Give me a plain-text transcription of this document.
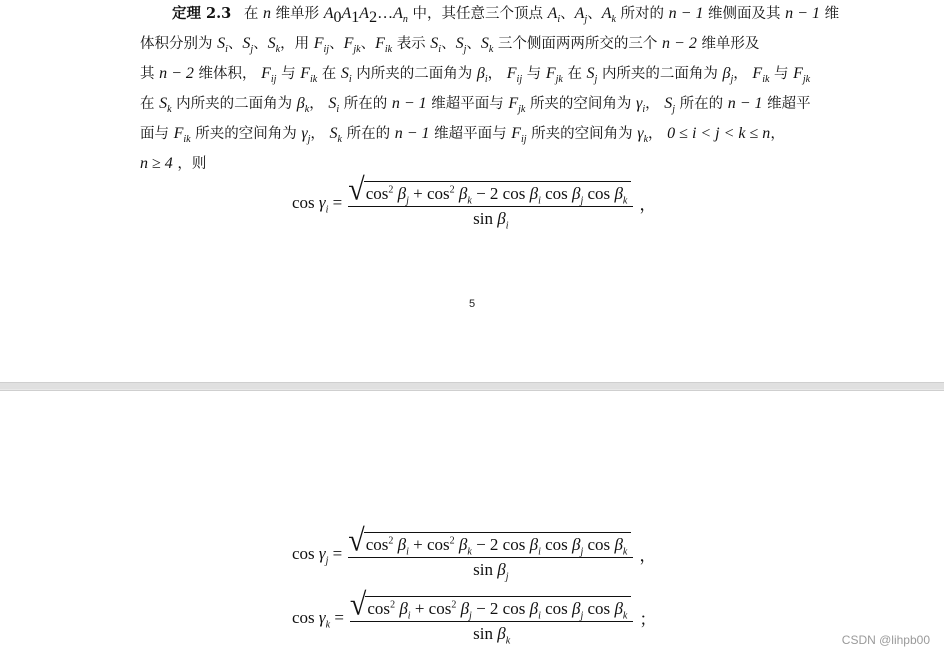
定理 2.3 在 n 维单形 $A_0A_1A_2\dots A_n$ 中，其任意三个顶点 $A_i$、$A_j$、$A_k$ 所对的 n − 1 维侧面及其 n − 1 维
体积分别为 $S_i$、$S_j$、$S_k$，用 $F_{ij}$、$F_{jk}$、$F_{ik}$ 表示 $S_i$、$S_j$、$S_k$ 三个侧面两两所交的三个 n − 2 维单形及
其 n − 2 维体积， $F_{ij}$ 与 $F_{ik}$ 在 $S_i$ 内所夹的二面角为 $\beta_i$， $F_{ij}$ 与 $F_{jk}$ 在 $S_j$ 内所夹的二面角为 $\beta_j$， $F_{ik}$ 与 $F_{jk}$
在 $S_k$ 内所夹的二面角为 $\beta_k$， $S_i$ 所在的 n − 1 维超平面与 $F_{jk}$ 所夹的空间角为 $\gamma_i$， $S_j$ 所在的 n − 1 维超平
面与 $F_{ik}$ 所夹的空间角为 $\gamma_j$， $S_k$ 所在的 n − 1 维超平面与 $F_{ij}$ 所夹的空间角为 $\gamma_k$， 0 ≤ i < j < k ≤ n，
n ≥ 4 ，则
$\cos \gamma_i = \frac{√ \cos^2 \beta_j + \cos^2 \beta_k - 2 \cos \beta_i \cos \beta_j \cos \beta_k}{\sin \beta_i}$ ，
5
$\cos \gamma_j = \frac{√ \cos^2 \beta_i + \cos^2 \beta_k - 2 \cos \beta_i \cos \beta_j \cos \beta_k}{\sin \beta_j}$ ，
$\cos \gamma_k = \frac{√ \cos^2 \beta_i + \cos^2 \beta_j - 2 \cos \beta_i \cos \beta_j \cos \beta_k}{\sin \beta_k}$ ；
CSDN @lihpb00
